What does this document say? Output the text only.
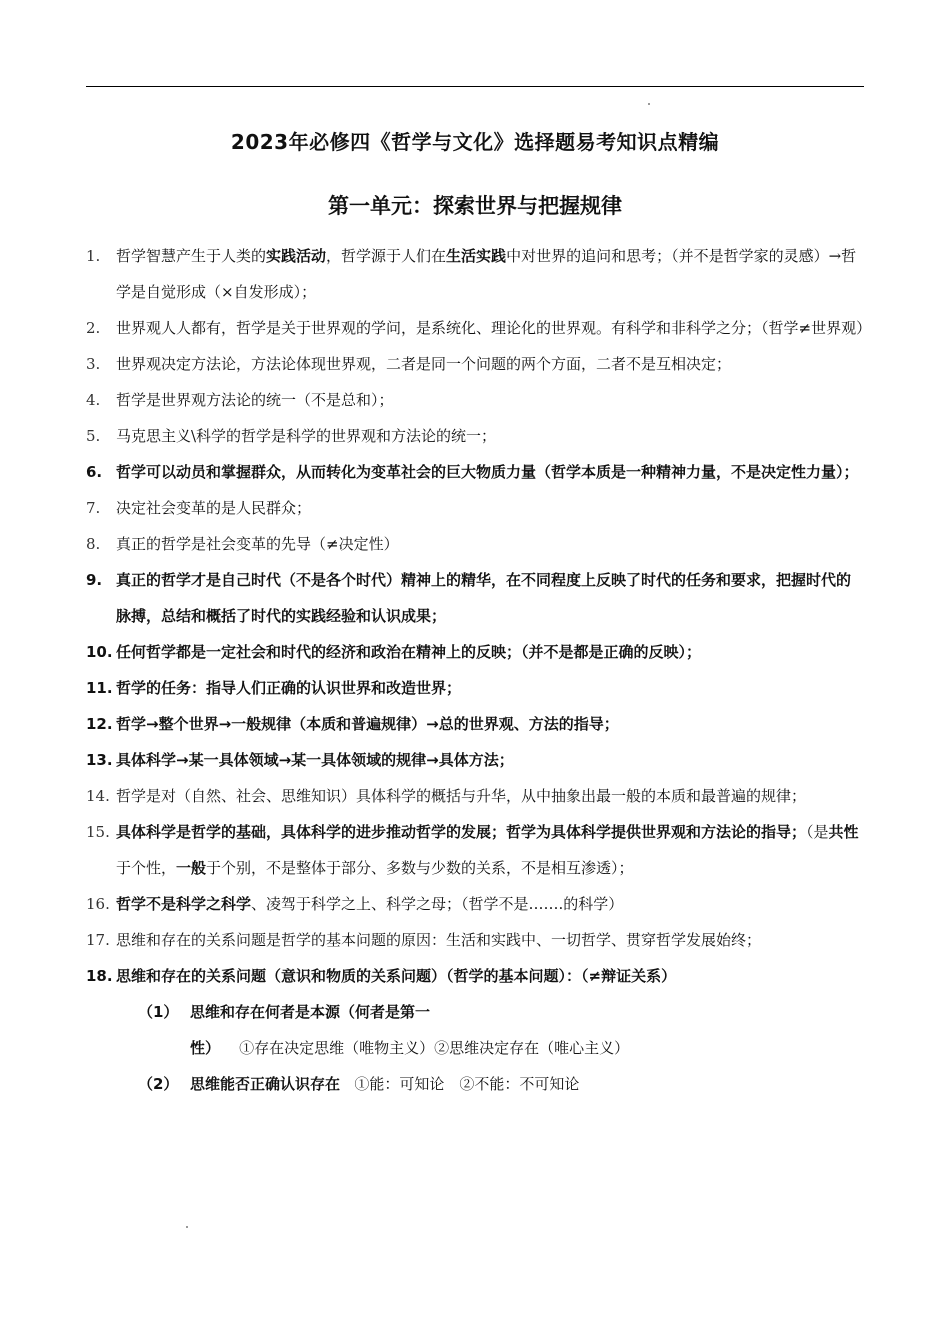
2023年必修四《哲学与文化》选择题易考知识点精编
第一单元：探索世界与把握规律

1. 哲学智慧产生于人类的实践活动，哲学源于人们在生活实践中对世界的追问和思考；（并不是哲学家的灵感）→哲学是自觉形成（×自发形成）；

2. 世界观人人都有，哲学是关于世界观的学问，是系统化、理论化的世界观。有科学和非科学之分；（哲学≠世界观）

3. 世界观决定方法论，方法论体现世界观，二者是同一个问题的两个方面，二者不是互相决定；

4. 哲学是世界观方法论的统一（不是总和）；

5. 马克思主义\科学的哲学是科学的世界观和方法论的统一；

6. 哲学可以动员和掌握群众，从而转化为变革社会的巨大物质力量（哲学本质是一种精神力量，不是决定性力量）；

7. 决定社会变革的是人民群众；

8. 真正的哲学是社会变革的先导（≠决定性）

9. 真正的哲学才是自己时代（不是各个时代）精神上的精华，在不同程度上反映了时代的任务和要求，把握时代的脉搏，总结和概括了时代的实践经验和认识成果；

10. 任何哲学都是一定社会和时代的经济和政治在精神上的反映；（并不是都是正确的反映）；

11. 哲学的任务：指导人们正确的认识世界和改造世界；

12. 哲学→整个世界→一般规律（本质和普遍规律）→总的世界观、方法的指导；

13. 具体科学→某一具体领域→某一具体领域的规律→具体方法；

14. 哲学是对（自然、社会、思维知识）具体科学的概括与升华，从中抽象出最一般的本质和最普遍的规律；

15. 具体科学是哲学的基础，具体科学的进步推动哲学的发展；哲学为具体科学提供世界观和方法论的指导；（是共性于个性，一般于个别，不是整体于部分、多数与少数的关系，不是相互渗透）；

16. 哲学不是科学之科学、凌驾于科学之上、科学之母；（哲学不是…….的科学）

17. 思维和存在的关系问题是哲学的基本问题的原因：生活和实践中、一切哲学、贯穿哲学发展始终；

18. 思维和存在的关系问题（意识和物质的关系问题）（哲学的基本问题）：（≠辩证关系）

（1） 思维和存在何者是本源（何者是第一性） ①存在决定思维（唯物主义）②思维决定存在（唯心主义）
（2） 思维能否正确认识存在 ①能：可知论　②不能：不可知论
